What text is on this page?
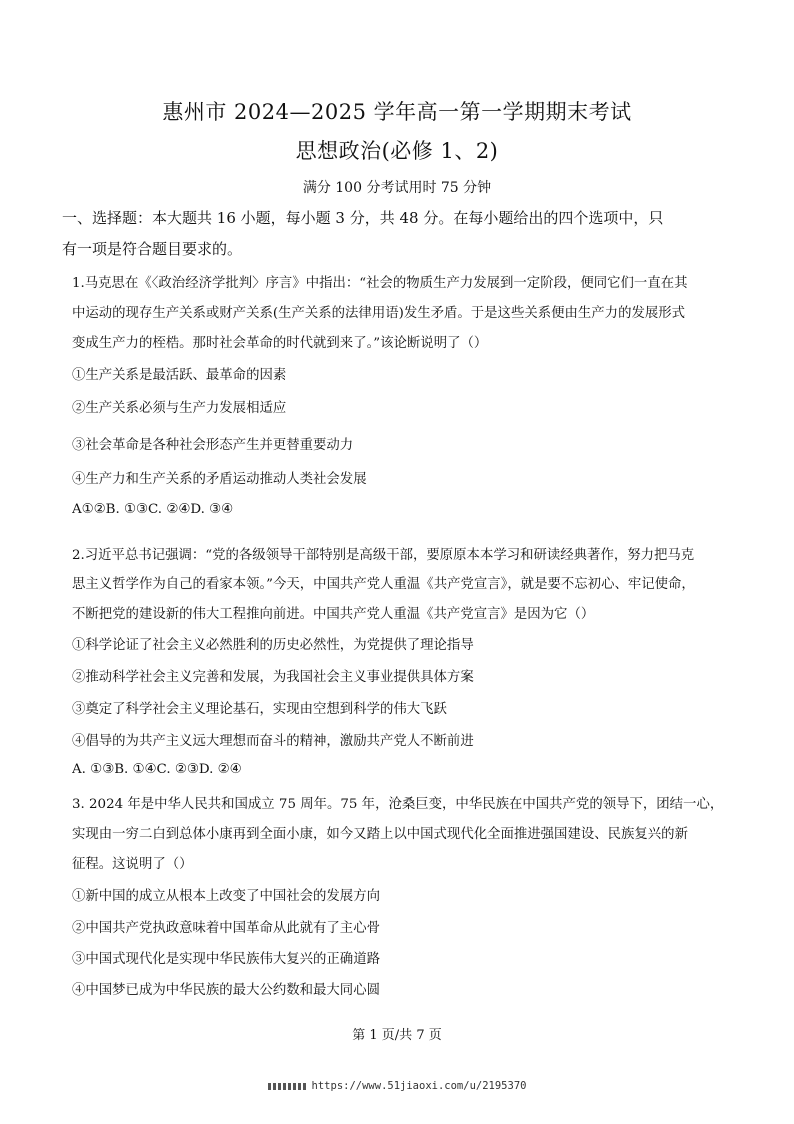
惠州市 2024—2025 学年高一第一学期期末考试
思想政治(必修 1、2)
满分 100 分考试用时 75 分钟
一、选择题：本大题共 16 小题，每小题 3 分，共 48 分。在每小题给出的四个选项中，只
有一项是符合题目要求的。
1.马克思在《〈政治经济学批判〉序言》中指出：“社会的物质生产力发展到一定阶段，便同它们一直在其
中运动的现存生产关系或财产关系(生产关系的法律用语)发生矛盾。于是这些关系便由生产力的发展形式
变成生产力的桎梏。那时社会革命的时代就到来了。”该论断说明了（）
①生产关系是最活跃、最革命的因素
②生产关系必须与生产力发展相适应
③社会革命是各种社会形态产生并更替重要动力
④生产力和生产关系的矛盾运动推动人类社会发展
A①②B. ①③C. ②④D. ③④
2.习近平总书记强调：“党的各级领导干部特别是高级干部，要原原本本学习和研读经典著作，努力把马克
思主义哲学作为自己的看家本领。”今天，中国共产党人重温《共产党宣言》，就是要不忘初心、牢记使命，
不断把党的建设新的伟大工程推向前进。中国共产党人重温《共产党宣言》是因为它（）
①科学论证了社会主义必然胜利的历史必然性，为党提供了理论指导
②推动科学社会主义完善和发展，为我国社会主义事业提供具体方案
③奠定了科学社会主义理论基石，实现由空想到科学的伟大飞跃
④倡导的为共产主义远大理想而奋斗的精神，激励共产党人不断前进
A. ①③B. ①④C. ②③D. ②④
3. 2024 年是中华人民共和国成立 75 周年。75 年，沧桑巨变，中华民族在中国共产党的领导下，团结一心，
实现由一穷二白到总体小康再到全面小康，如今又踏上以中国式现代化全面推进强国建设、民族复兴的新
征程。这说明了（）
①新中国的成立从根本上改变了中国社会的发展方向
②中国共产党执政意味着中国革命从此就有了主心骨
③中国式现代化是实现中华民族伟大复兴的正确道路
④中国梦已成为中华民族的最大公约数和最大同心圆
第 1 页/共 7 页
https://www.51jiaoxi.com/u/2195370
